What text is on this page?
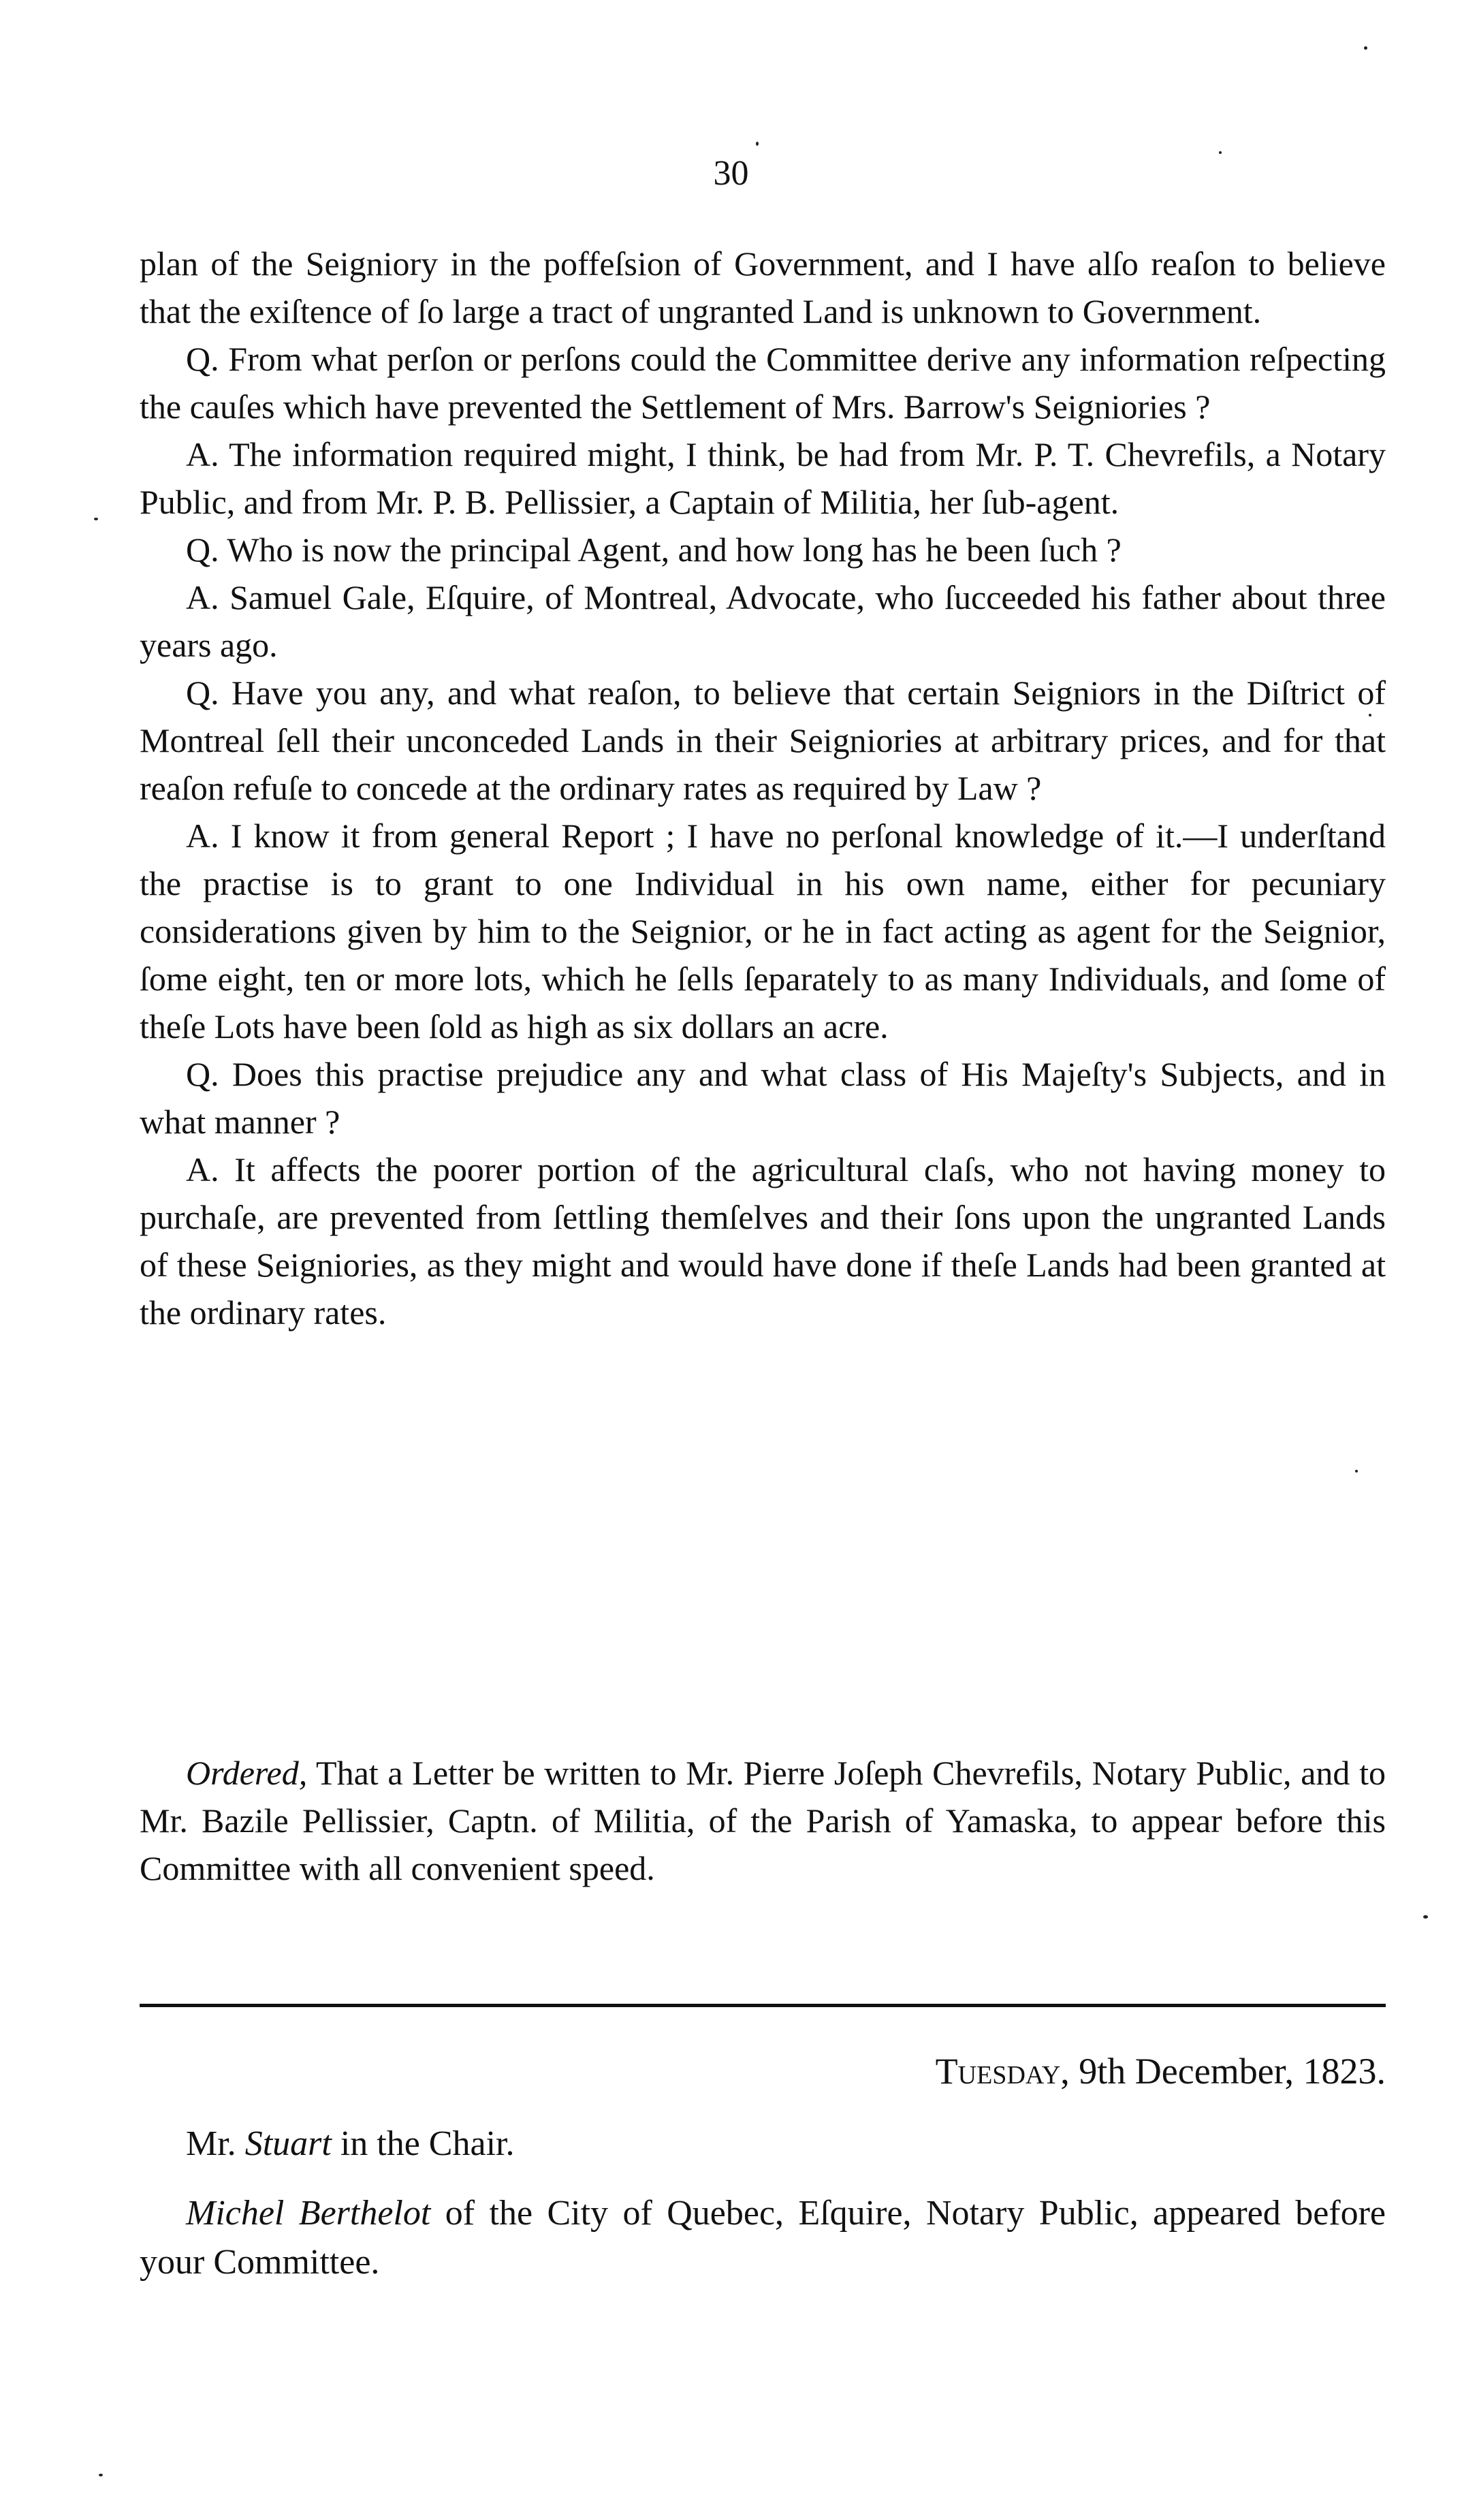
30

plan of the Seigniory in the poffeſsion of Government, and I have alſo reaſon to believe that the exiſtence of ſo large a tract of ungranted Land is unknown to Government.

Q. From what perſon or perſons could the Committee derive any information reſpecting the cauſes which have prevented the Settlement of Mrs. Barrow's Seigniories ?

A. The information required might, I think, be had from Mr. P. T. Chevrefils, a Notary Public, and from Mr. P. B. Pellissier, a Captain of Militia, her ſub-agent.

Q. Who is now the principal Agent, and how long has he been ſuch ?

A. Samuel Gale, Eſquire, of Montreal, Advocate, who ſucceeded his father about three years ago.

Q. Have you any, and what reaſon, to believe that certain Seigniors in the Diſtrict of Montreal ſell their unconceded Lands in their Seigniories at arbitrary prices, and for that reaſon refuſe to concede at the ordinary rates as required by Law ?

A. I know it from general Report ; I have no perſonal knowledge of it.—I underſtand the practise is to grant to one Individual in his own name, either for pecuniary considerations given by him to the Seignior, or he in fact acting as agent for the Seignior, ſome eight, ten or more lots, which he ſells ſeparately to as many Individuals, and ſome of theſe Lots have been ſold as high as six dollars an acre.

Q. Does this practise prejudice any and what class of His Majeſty's Subjects, and in what manner ?

A. It affects the poorer portion of the agricultural claſs, who not having money to purchaſe, are prevented from ſettling themſelves and their ſons upon the ungranted Lands of these Seigniories, as they might and would have done if theſe Lands had been granted at the ordinary rates.

Ordered, That a Letter be written to Mr. Pierre Joſeph Chevrefils, Notary Public, and to Mr. Bazile Pellissier, Captn. of Militia, of the Parish of Yamaska, to appear before this Committee with all convenient speed.

Tuesday, 9th December, 1823.

Mr. Stuart in the Chair.

Michel Berthelot of the City of Quebec, Eſquire, Notary Public, appeared before your Committee.
